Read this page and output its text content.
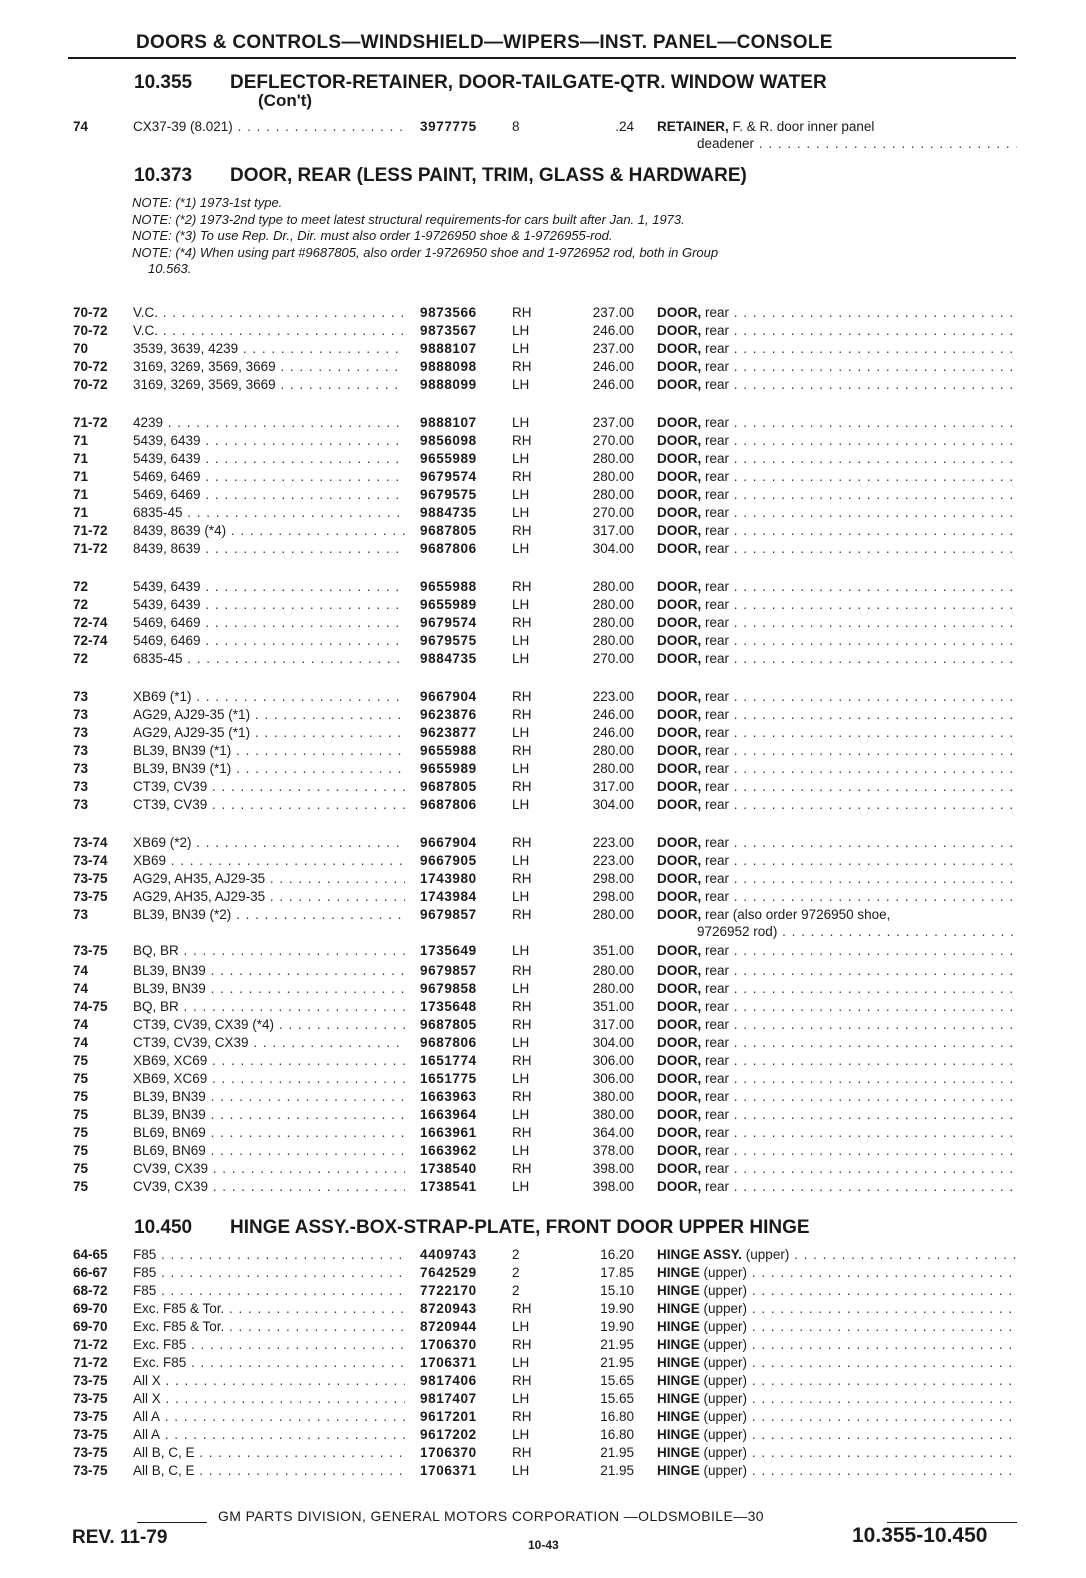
DOORS & CONTROLS—WINDSHIELD—WIPERS—INST. PANEL—CONSOLE
10.355 DEFLECTOR-RETAINER, DOOR-TAILGATE-QTR. WINDOW WATER
(Con't)
10.373 DOOR, REAR (LESS PAINT, TRIM, GLASS & HARDWARE)
NOTE: (*1) 1973-1st type.
NOTE: (*2) 1973-2nd type to meet latest structural requirements-for cars built after Jan. 1, 1973.
NOTE: (*3) To use Rep. Dr., Dir. must also order 1-9726950 shoe & 1-9726955-rod.
NOTE: (*4) When using part #9687805, also order 1-9726950 shoe and 1-9726952 rod, both in Group
10.563.
10.450 HINGE ASSY.-BOX-STRAP-PLATE, FRONT DOOR UPPER HINGE
74	CX37-39 (8.021) . . .	3977775	8	.24 RETAINER, F. & R. door inner panel
deadener . . .
70-72 V.C. . . .	9873566	RH	237.00 DOOR, rear . . .
70-72 V.C. . . .	9873567	LH	246.00 DOOR, rear . . .
70	3539, 3639, 4239 . . .	9888107	LH	237.00 DOOR, rear . . .
70-72 3169, 3269, 3569, 3669 . . .	9888098	RH	246.00 DOOR, rear . . .
70-72 3169, 3269, 3569, 3669 . . .	9888099	LH	246.00 DOOR, rear . . .
71-72 4239 . . .	9888107	LH	237.00 DOOR, rear . . .
71	5439, 6439 . . .	9856098	RH	270.00 DOOR, rear . . .
71	5439, 6439 . . .	9655989	LH	280.00 DOOR, rear . . .
71	5469, 6469 . . .	9679574	RH	280.00 DOOR, rear . . .
71	5469, 6469 . . .	9679575	LH	280.00 DOOR, rear . . .
71	6835-45 . . .	9884735	LH	270.00 DOOR, rear . . .
71-72 8439, 8639 (*4) . . .	9687805	RH	317.00 DOOR, rear . . .
71-72 8439, 8639 . . .	9687806	LH	304.00 DOOR, rear . . .
72	5439, 6439 . . .	9655988	RH	280.00 DOOR, rear . . .
72	5439, 6439 . . .	9655989	LH	280.00 DOOR, rear . . .
72-74 5469, 6469 . . .	9679574	RH	280.00 DOOR, rear . . .
72-74 5469, 6469 . . .	9679575	LH	280.00 DOOR, rear . . .
72	6835-45 . . .	9884735	LH	270.00 DOOR, rear . . .
73	XB69 (*1) . . .	9667904	RH	223.00 DOOR, rear . . .
73	AG29, AJ29-35 (*1) . . .	9623876	RH	246.00 DOOR, rear . . .
73	AG29, AJ29-35 (*1) . . .	9623877	LH	246.00 DOOR, rear . . .
73	BL39, BN39 (*1) . . .	9655988	RH	280.00 DOOR, rear . . .
73	BL39, BN39 (*1) . . .	9655989	LH	280.00 DOOR, rear . . .
73	CT39, CV39 . . .	9687805	RH	317.00 DOOR, rear . . .
73	CT39, CV39 . . .	9687806	LH	304.00 DOOR, rear . . .
73-74 XB69 (*2) . . .	9667904	RH	223.00 DOOR, rear . . .
73-74 XB69 . . .	9667905	LH	223.00 DOOR, rear . . .
73-75 AG29, AH35, AJ29-35 . . .	1743980	RH	298.00 DOOR, rear . . .
73-75 AG29, AH35, AJ29-35 . . .	1743984	LH	298.00 DOOR, rear . . .
73	BL39, BN39 (*2) . . .	9679857	RH	280.00 DOOR, rear (also order 9726950 shoe,
9726952 rod) . . .
73-75 BQ, BR . . .	1735649	LH	351.00 DOOR, rear . . .
74	BL39, BN39 . . .	9679857	RH	280.00 DOOR, rear . . .
74	BL39, BN39 . . .	9679858	LH	280.00 DOOR, rear . . .
74-75 BQ, BR . . .	1735648	RH	351.00 DOOR, rear . . .
74	CT39, CV39, CX39 (*4) . . .	9687805	RH	317.00 DOOR, rear . . .
74	CT39, CV39, CX39 . . .	9687806	LH	304.00 DOOR, rear . . .
75	XB69, XC69 . . .	1651774	RH	306.00 DOOR, rear . . .
75	XB69, XC69 . . .	1651775	LH	306.00 DOOR, rear . . .
75	BL39, BN39 . . .	1663963	RH	380.00 DOOR, rear . . .
75	BL39, BN39 . . .	1663964	LH	380.00 DOOR, rear . . .
75	BL69, BN69 . . .	1663961	RH	364.00 DOOR, rear . . .
75	BL69, BN69 . . .	1663962	LH	378.00 DOOR, rear . . .
75	CV39, CX39 . . .	1738540	RH	398.00 DOOR, rear . . .
75	CV39, CX39 . . .	1738541	LH	398.00 DOOR, rear . . .
64-65 F85 . . .	4409743	2	16.20 HINGE ASSY. (upper) . . .
66-67 F85 . . .	7642529	2	17.85 HINGE (upper) . . .
68-72 F85 . . .	7722170	2	15.10 HINGE (upper) . . .
69-70 Exc. F85 & Tor. . . .	8720943	RH	19.90 HINGE (upper) . . .
69-70 Exc. F85 & Tor. . . .	8720944	LH	19.90 HINGE (upper) . . .
71-72 Exc. F85 . . .	1706370	RH	21.95 HINGE (upper) . . .
71-72 Exc. F85 . . .	1706371	LH	21.95 HINGE (upper) . . .
73-75 All X . . .	9817406	RH	15.65 HINGE (upper) . . .
73-75 All X . . .	9817407	LH	15.65 HINGE (upper) . . .
73-75 All A . . .	9617201	RH	16.80 HINGE (upper) . . .
73-75 All A . . .	9617202	LH	16.80 HINGE (upper) . . .
73-75 All B, C, E . . .	1706370	RH	21.95 HINGE (upper) . . .
73-75 All B, C, E . . .	1706371	LH	21.95 HINGE (upper) . . .
GM PARTS DIVISION, GENERAL MOTORS CORPORATION —OLDSMOBILE—30
REV. 11-79	10-43	10.355-10.450
